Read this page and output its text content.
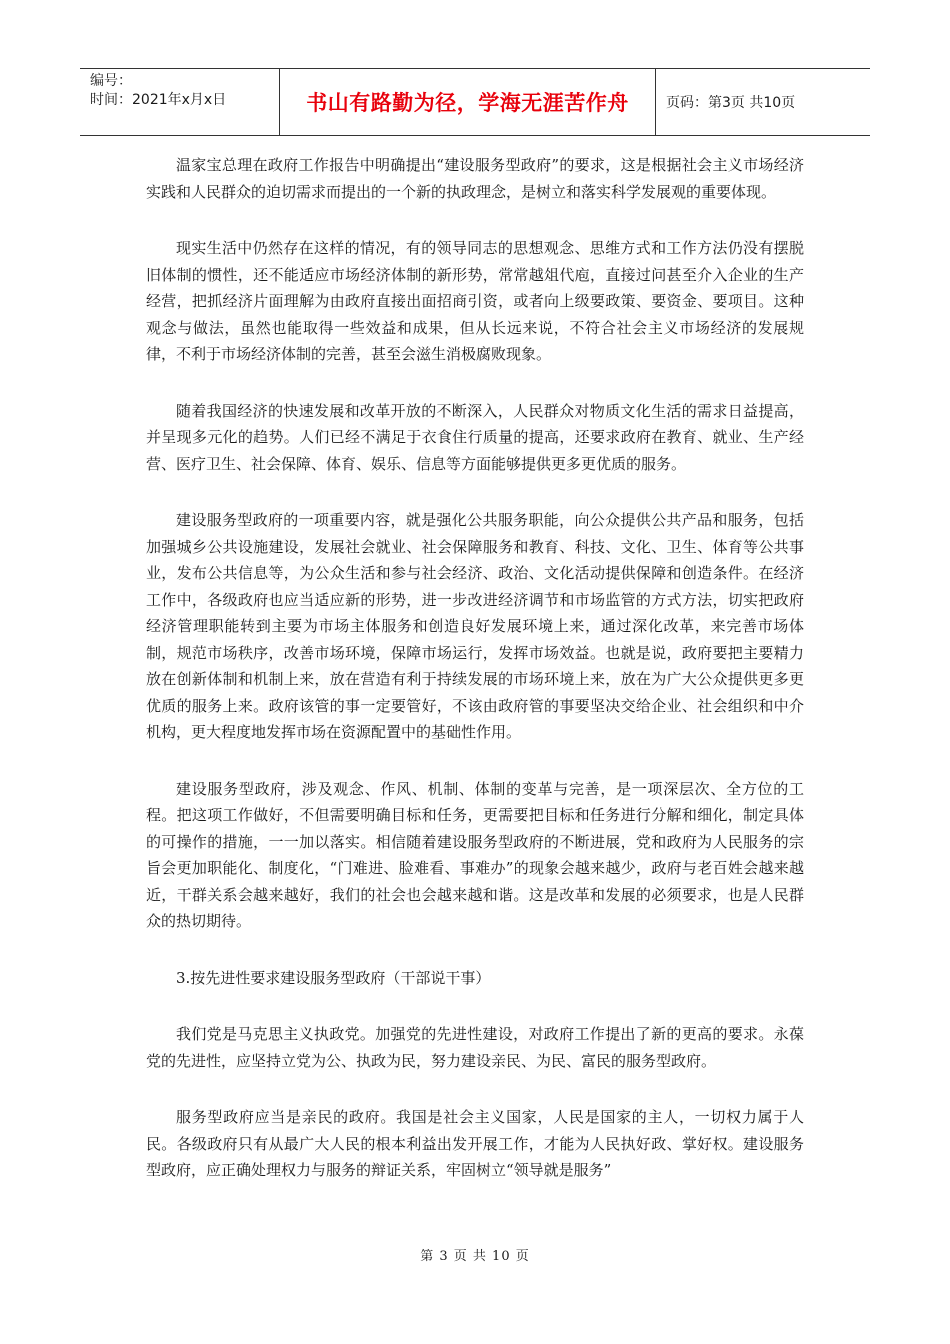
编号：
时间：2021年x月x日	书山有路勤为径，学海无涯苦作舟	页码：第3页 共10页

温家宝总理在政府工作报告中明确提出“建设服务型政府”的要求，这是根据社会主义市场经济实践和人民群众的迫切需求而提出的一个新的执政理念，是树立和落实科学发展观的重要体现。

现实生活中仍然存在这样的情况，有的领导同志的思想观念、思维方式和工作方法仍没有摆脱旧体制的惯性，还不能适应市场经济体制的新形势，常常越俎代庖，直接过问甚至介入企业的生产经营，把抓经济片面理解为由政府直接出面招商引资，或者向上级要政策、要资金、要项目。这种观念与做法，虽然也能取得一些效益和成果，但从长远来说，不符合社会主义市场经济的发展规律，不利于市场经济体制的完善，甚至会滋生消极腐败现象。

随着我国经济的快速发展和改革开放的不断深入，人民群众对物质文化生活的需求日益提高，并呈现多元化的趋势。人们已经不满足于衣食住行质量的提高，还要求政府在教育、就业、生产经营、医疗卫生、社会保障、体育、娱乐、信息等方面能够提供更多更优质的服务。

建设服务型政府的一项重要内容，就是强化公共服务职能，向公众提供公共产品和服务，包括加强城乡公共设施建设，发展社会就业、社会保障服务和教育、科技、文化、卫生、体育等公共事业，发布公共信息等，为公众生活和参与社会经济、政治、文化活动提供保障和创造条件。在经济工作中，各级政府也应当适应新的形势，进一步改进经济调节和市场监管的方式方法，切实把政府经济管理职能转到主要为市场主体服务和创造良好发展环境上来，通过深化改革，来完善市场体制，规范市场秩序，改善市场环境，保障市场运行，发挥市场效益。也就是说，政府要把主要精力放在创新体制和机制上来，放在营造有利于持续发展的市场环境上来，放在为广大公众提供更多更优质的服务上来。政府该管的事一定要管好，不该由政府管的事要坚决交给企业、社会组织和中介机构，更大程度地发挥市场在资源配置中的基础性作用。

建设服务型政府，涉及观念、作风、机制、体制的变革与完善，是一项深层次、全方位的工程。把这项工作做好，不但需要明确目标和任务，更需要把目标和任务进行分解和细化，制定具体的可操作的措施，一一加以落实。相信随着建设服务型政府的不断进展，党和政府为人民服务的宗旨会更加职能化、制度化，“门难进、脸难看、事难办”的现象会越来越少，政府与老百姓会越来越近，干群关系会越来越好，我们的社会也会越来越和谐。这是改革和发展的必须要求，也是人民群众的热切期待。

3.按先进性要求建设服务型政府（干部说干事）

我们党是马克思主义执政党。加强党的先进性建设，对政府工作提出了新的更高的要求。永葆党的先进性，应坚持立党为公、执政为民，努力建设亲民、为民、富民的服务型政府。

服务型政府应当是亲民的政府。我国是社会主义国家，人民是国家的主人，一切权力属于人民。各级政府只有从最广大人民的根本利益出发开展工作，才能为人民执好政、掌好权。建设服务型政府，应正确处理权力与服务的辩证关系，牢固树立“领导就是服务”

第 3 页 共 10 页
